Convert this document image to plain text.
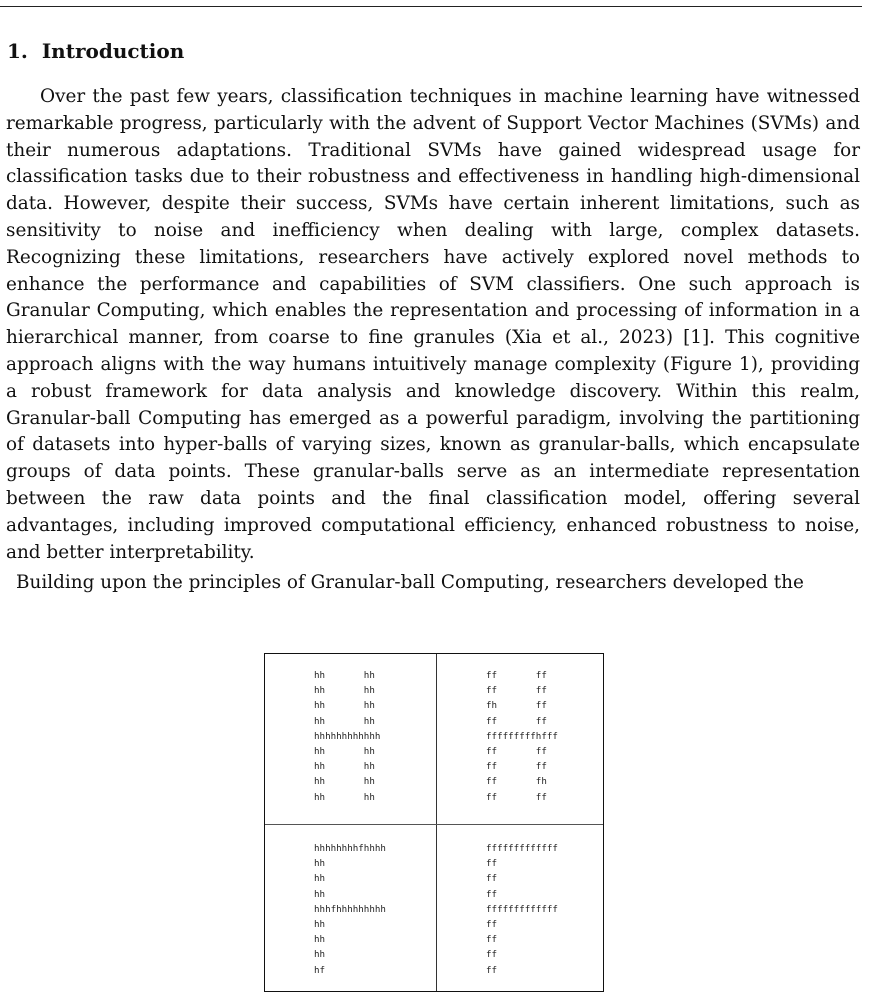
1. Introduction

Over the past few years, classification techniques in machine learning have witnessed remarkable progress, particularly with the advent of Support Vector Machines (SVMs) and their numerous adaptations. Traditional SVMs have gained widespread usage for classification tasks due to their robustness and effectiveness in handling high-dimensional data. However, despite their success, SVMs have certain inherent limitations, such as sensitivity to noise and inefficiency when dealing with large, complex datasets. Recognizing these limitations, researchers have actively explored novel methods to enhance the performance and capabilities of SVM classifiers. One such approach is Granular Computing, which enables the representation and processing of information in a hierarchical manner, from coarse to fine granules (Xia et al., 2023) [1]. This cognitive approach aligns with the way humans intuitively manage complexity (Figure 1), providing a robust framework for data analysis and knowledge discovery. Within this realm, Granular-ball Computing has emerged as a powerful paradigm, involving the partitioning of datasets into hyper-balls of varying sizes, known as granular-balls, which encapsulate groups of data points. These granular-balls serve as an intermediate representation between the raw data points and the final classification model, offering several advantages, including improved computational efficiency, enhanced robustness to noise, and better interpretability.

Building upon the principles of Granular-ball Computing, researchers developed the

hh       hh
hh       hh
hh       hh
hh       hh
hhhhhhhhhhhh
hh       hh
hh       hh
hh       hh
hh       hh
ff       ff
ff       ff
fh       ff
ff       ff
fffffffffhfff
ff       ff
ff       ff
ff       fh
ff       ff
hhhhhhhhfhhhh
hh
hh
hh
hhhfhhhhhhhhh
hh
hh
hh
hf
fffffffffffff
ff
ff
ff
fffffffffffff
ff
ff
ff
ff
